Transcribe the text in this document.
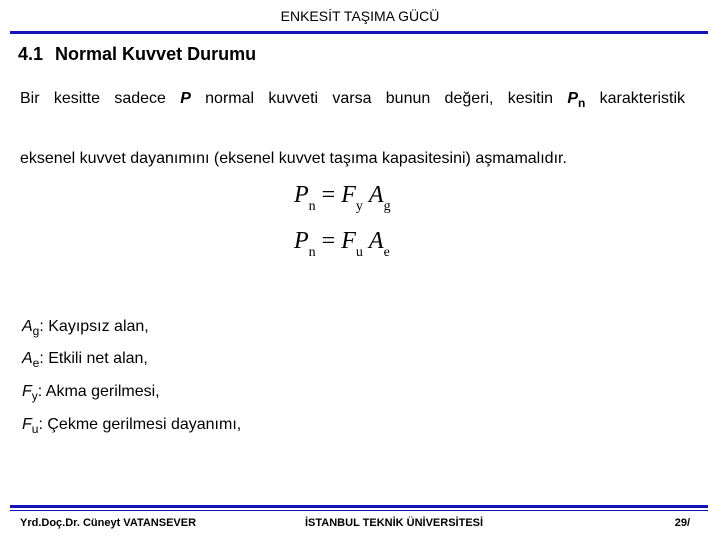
ENKESİT TAŞIMA GÜCÜ
4.1 Normal Kuvvet Durumu
Bir kesitte sadece P normal kuvveti varsa bunun değeri, kesitin $P_n$ karakteristik
eksenel kuvvet dayanımını (eksenel kuvvet taşıma kapasitesini) aşmamalıdır.
$P_n = F_y$ $A_g$
$P_n = F_u$ $A_e$
$A_g$: Kayıpsız alan,
$A_e$: Etkili net alan,
$F_y$: Akma gerilmesi,
$F_u$: Çekme gerilmesi dayanımı,
Yrd.Doç.Dr. Cüneyt VATANSEVER	İSTANBUL TEKNİK ÜNİVERSİTESİ	29/
